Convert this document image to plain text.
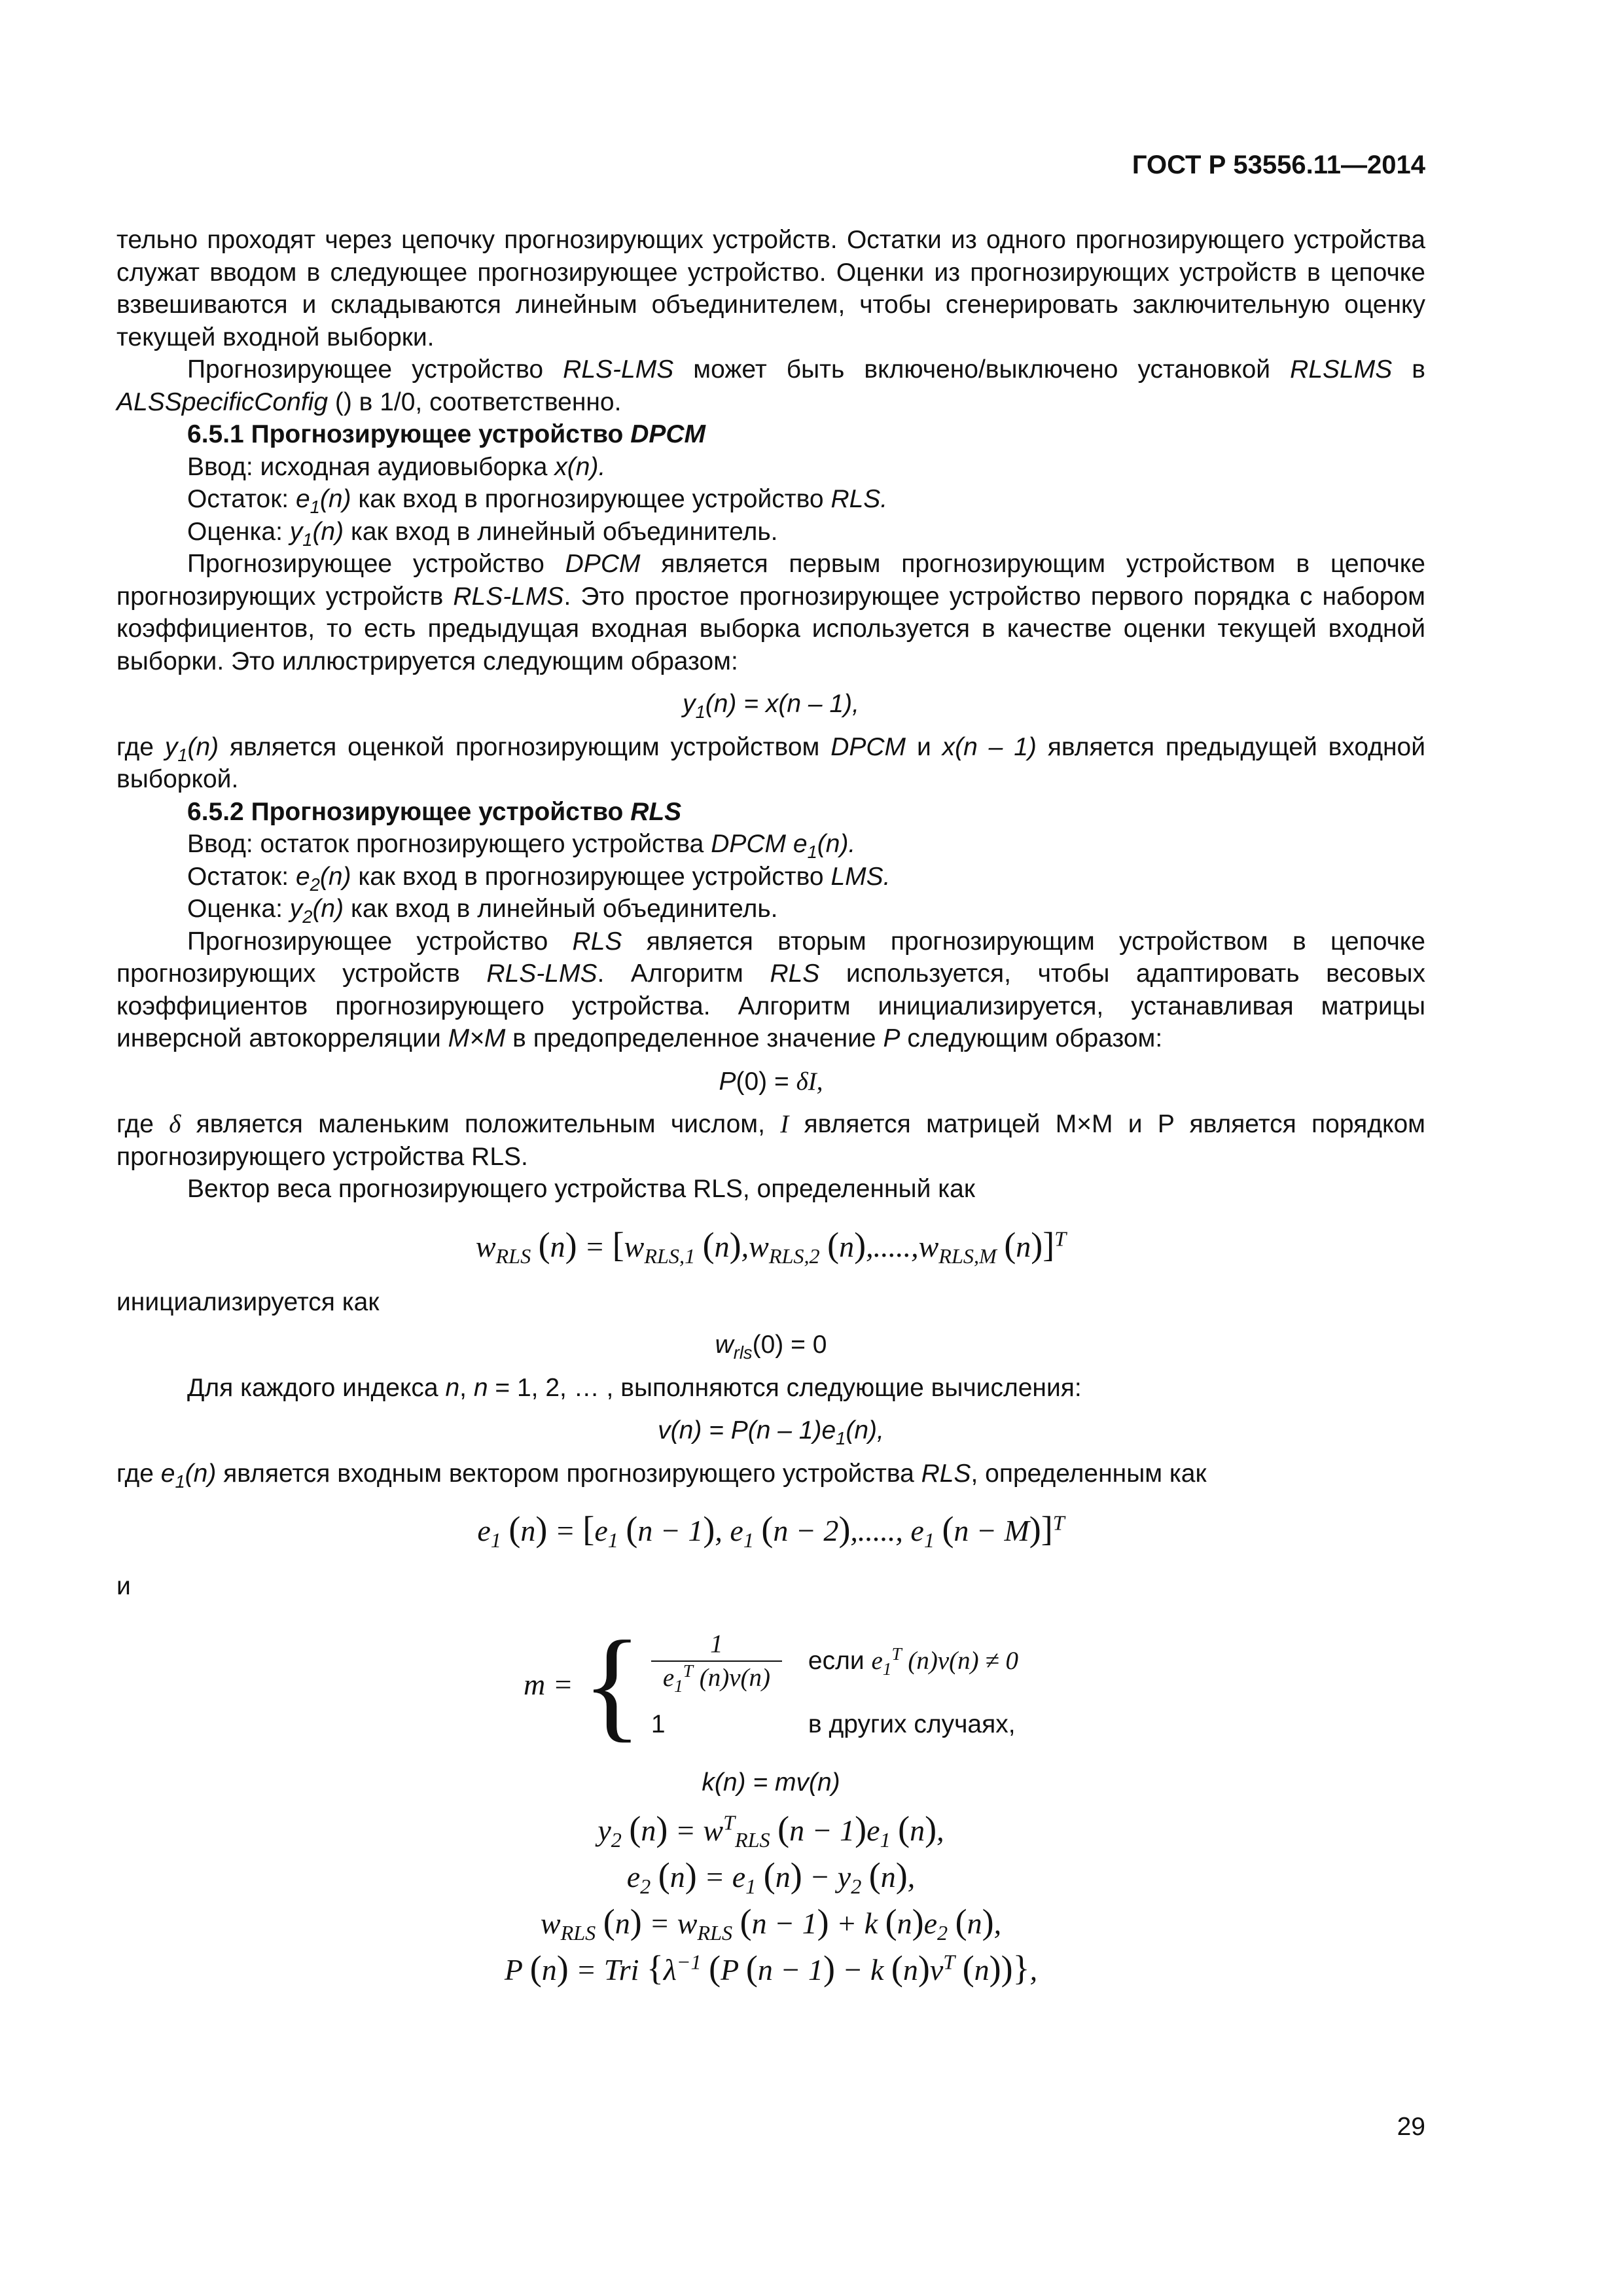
ГОСТ Р 53556.11—2014

тельно проходят через цепочку прогнозирующих устройств. Остатки из одного прогнозирующего устройства служат вводом в следующее прогнозирующее устройство. Оценки из прогнозирующих устройств в цепочке взвешиваются и складываются линейным объединителем, чтобы сгенерировать заключительную оценку текущей входной выборки.

Прогнозирующее устройство RLS-LMS может быть включено/выключено установкой RLSLMS в ALSSpecificConfig () в 1/0, соответственно.

6.5.1 Прогнозирующее устройство DPCM

Ввод: исходная аудиовыборка x(n).

Остаток: $e_1(n)$ как вход в прогнозирующее устройство RLS.

Оценка: $y_1(n)$ как вход в линейный объединитель.

Прогнозирующее устройство DPCM является первым прогнозирующим устройством в цепочке прогнозирующих устройств RLS-LMS. Это простое прогнозирующее устройство первого порядка с набором коэффициентов, то есть предыдущая входная выборка используется в качестве оценки текущей входной выборки. Это иллюстрируется следующим образом:

$y_1(n) = x(n - 1)$,

где $y_1(n)$ является оценкой прогнозирующим устройством DPCM и x(n – 1) является предыдущей входной выборкой.

6.5.2 Прогнозирующее устройство RLS

Ввод: остаток прогнозирующего устройства DPCM $e_1(n)$.

Остаток: $e_2(n)$ как вход в прогнозирующее устройство LMS.

Оценка: $y_2(n)$ как вход в линейный объединитель.

Прогнозирующее устройство RLS является вторым прогнозирующим устройством в цепочке прогнозирующих устройств RLS-LMS. Алгоритм RLS используется, чтобы адаптировать весовых коэффициентов прогнозирующего устройства. Алгоритм инициализируется, устанавливая матрицы инверсной автокорреляции M×M в предопределенное значение P следующим образом:

P(0) = δI,

где δ является маленьким положительным числом, I является матрицей M×M и P является порядком прогнозирующего устройства RLS.

Вектор веса прогнозирующего устройства RLS, определенный как

$w_{RLS}$ $(n) = [w_{RLS,1}$ $(n),w_{RLS,2}$ $(n),.....,w_{RLS,M}$ (n)]$^T$

инициализируется как

$w_{rls}(0) = 0$

Для каждого индекса n, n = 1, 2, … , выполняются следующие вычисления:

$v(n) = P(n - 1)e_1(n)$,

где $e_1(n)$ является входным вектором прогнозирующего устройства RLS, определенным как

$e_1$ $(n) = [e_1$ (n − 1), $e_1$ (n − 2),....., $e_1$ (n − M)]$^T$

и

m = { $\frac{1}{e_1^T (n)v(n)}$ если $e_1^T$ (n)v(n) ≠ 0
1	в других случаях,
k(n) = mv(n)
$y_2$ $(n) = w^T_{RLS}$ $(n - 1)e_1$ (n),
$e_2$ $(n) = e_1$ $(n) - y_2$ (n),
$w_{RLS}$ $(n) = w_{RLS}$ (n − 1) + k $(n)e_2$ (n),
P (n) = Tri {$\lambda^{-1}$ (P (n − 1) − k $(n)v^T$ (n))},
29
